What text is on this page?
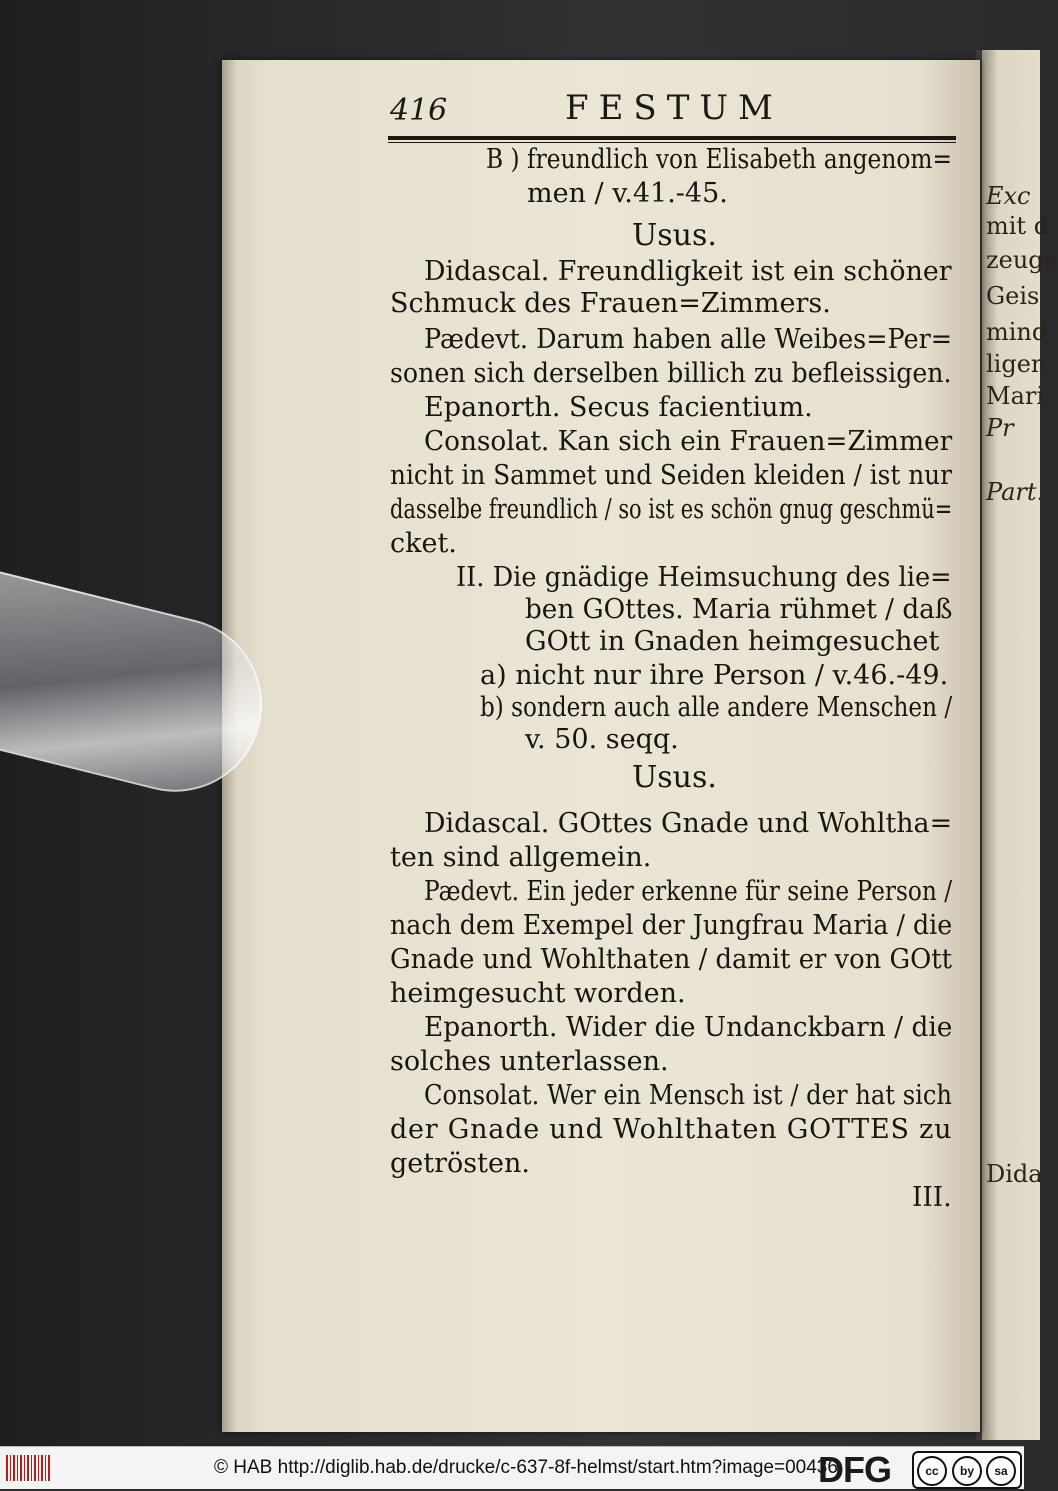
Exc
mit d
zeuge
Geis
mind
ligen
Mari
Pr
Part.
Dida
416	FESTUM
B ) freundlich von Elisabeth angenom=
men / v.41.-45.
Usus.
Didascal. Freundligkeit ist ein schöner
Schmuck des Frauen=Zimmers.
Pædevt. Darum haben alle Weibes=Per=
sonen sich derselben billich zu befleissigen.
Epanorth. Secus facientium.
Consolat. Kan sich ein Frauen=Zimmer
nicht in Sammet und Seiden kleiden / ist nur
dasselbe freundlich / so ist es schön gnug geschmü=
cket.
II. Die gnädige Heimsuchung des lie=
ben GOttes. Maria rühmet / daß
GOtt in Gnaden heimgesuchet
a) nicht nur ihre Person / v.46.-49.
b) sondern auch alle andere Menschen /
v. 50. seqq.
Usus.
Didascal. GOttes Gnade und Wohltha=
ten sind allgemein.
Pædevt. Ein jeder erkenne für seine Person /
nach dem Exempel der Jungfrau Maria / die
Gnade und Wohlthaten / damit er von GOtt
heimgesucht worden.
Epanorth. Wider die Undanckbarn / die
solches unterlassen.
Consolat. Wer ein Mensch ist / der hat sich
der Gnade und Wohlthaten GOTTES zu
getrösten.
III.
© HAB http://diglib.hab.de/drucke/c-637-8f-helmst/start.htm?image=00436
DFG	cc	by	sa
